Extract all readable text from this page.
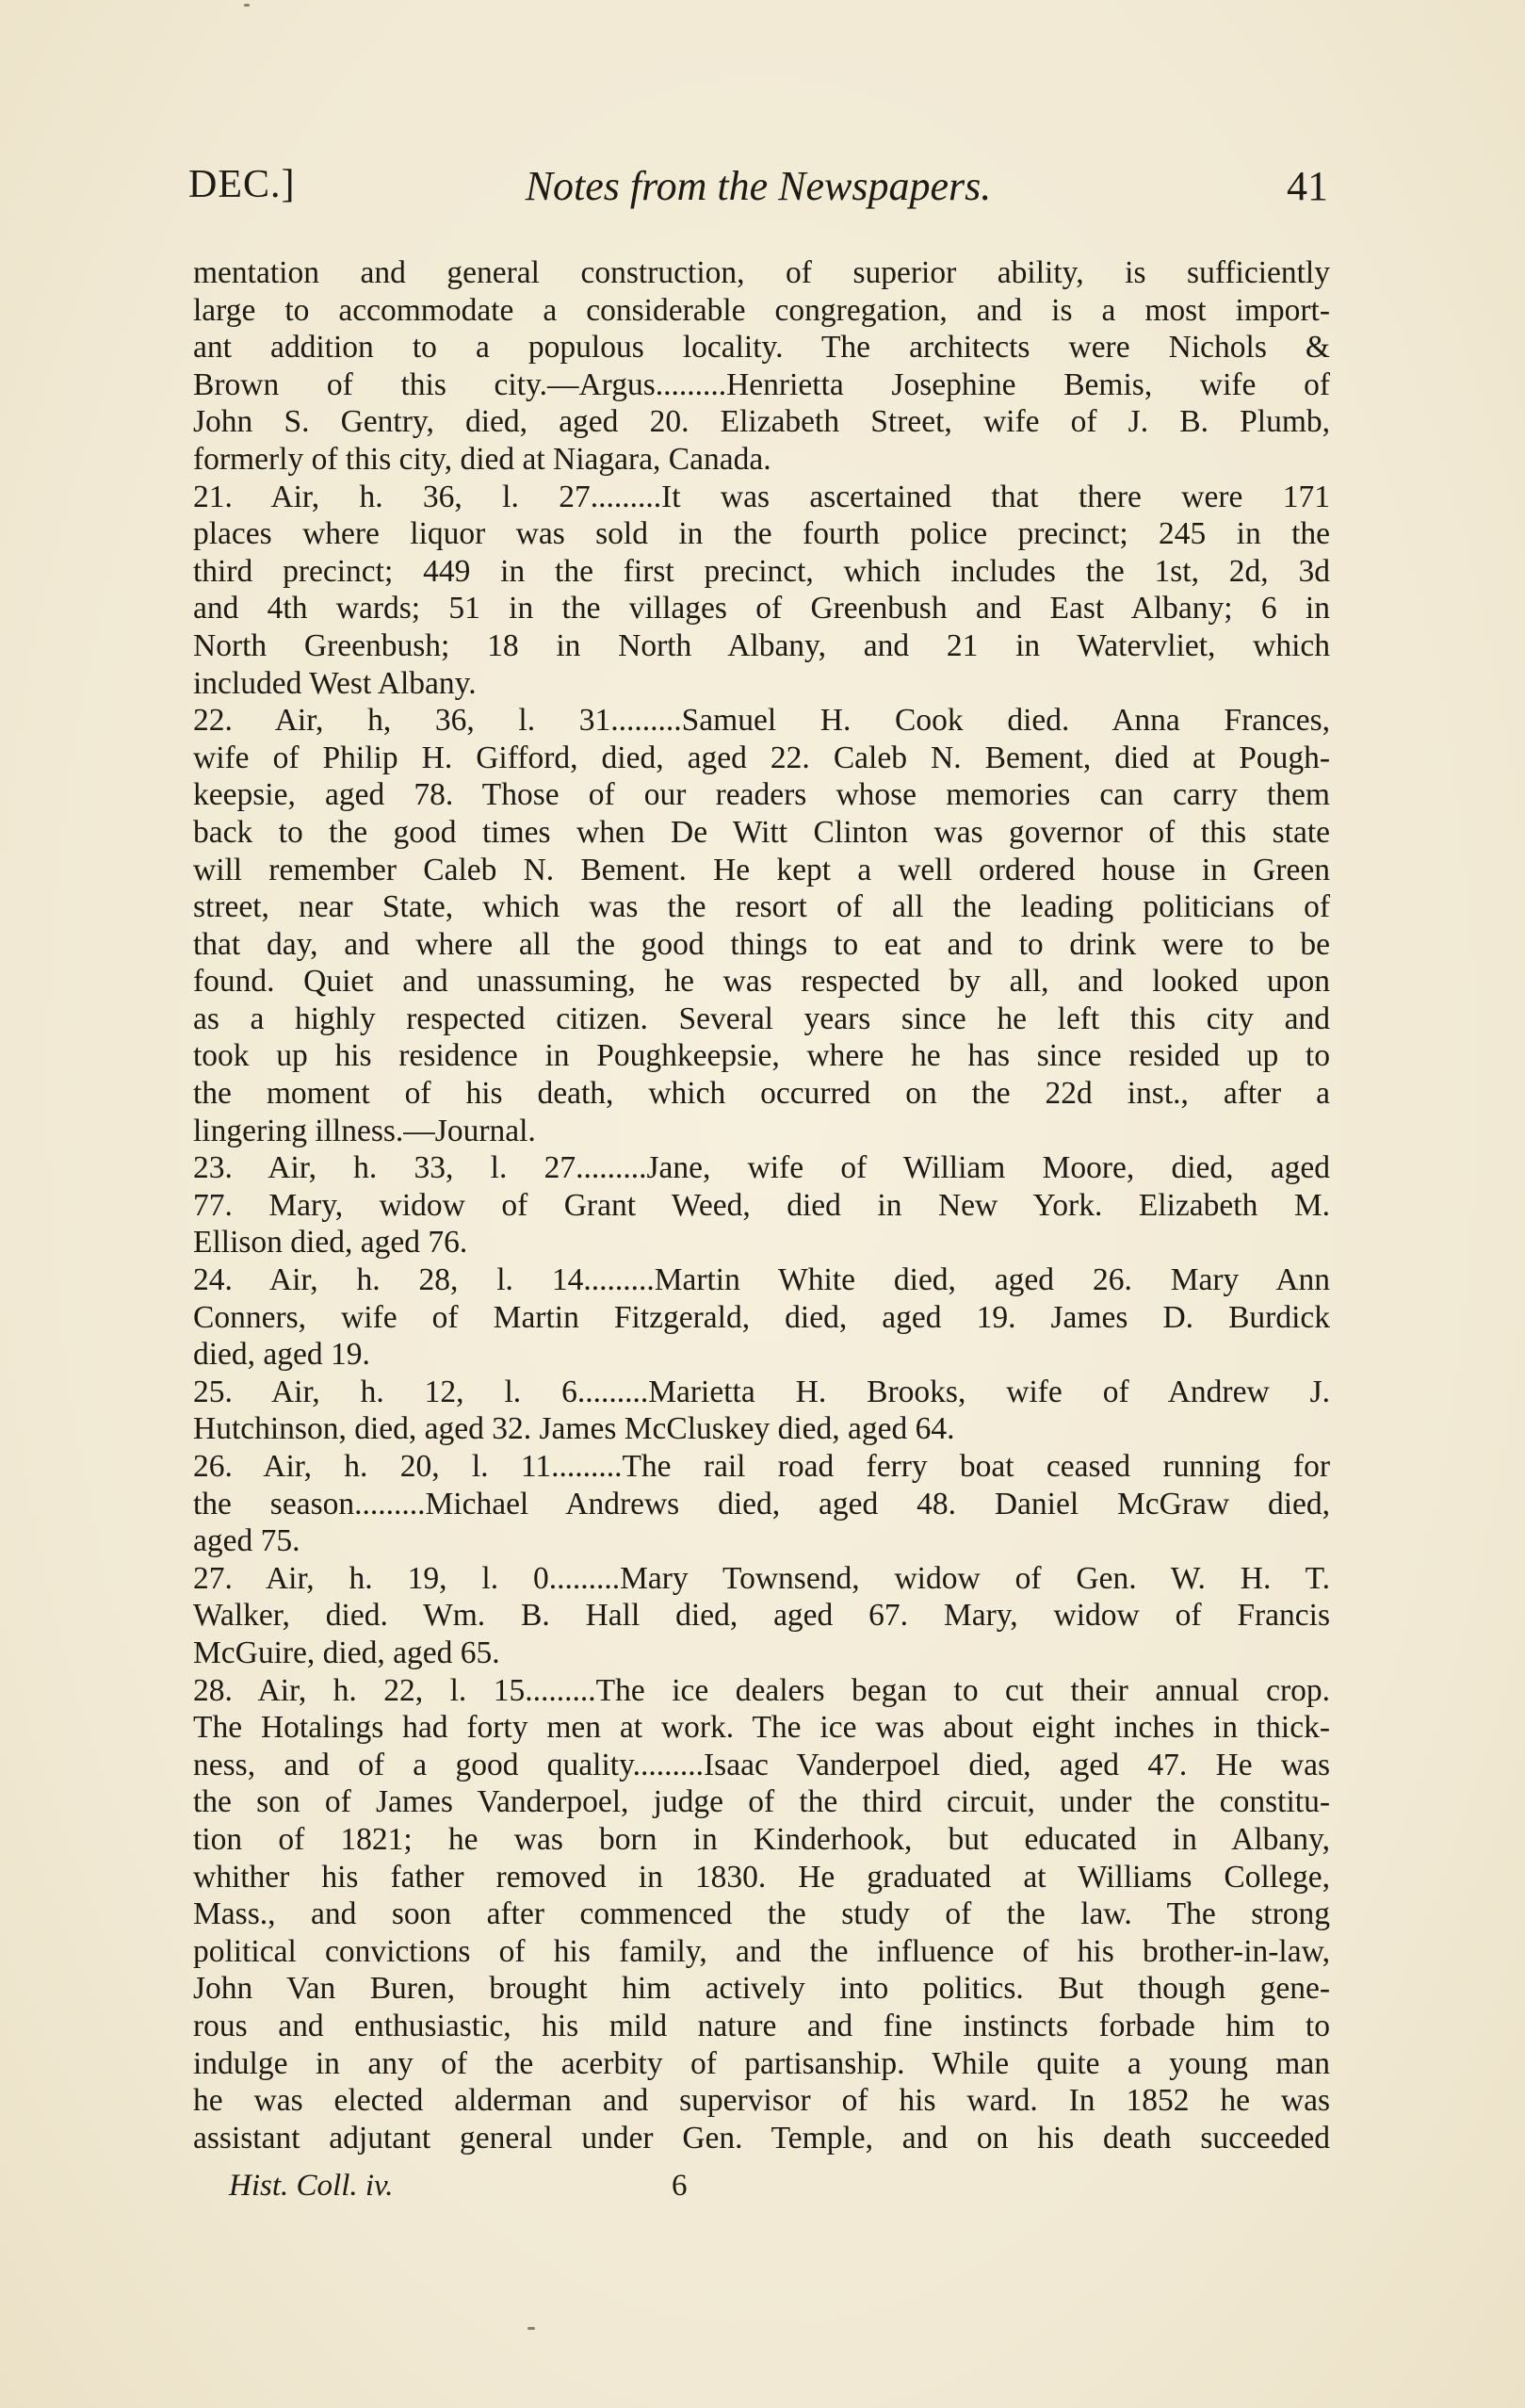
DEC.]	Notes from the Newspapers.	41
mentation and general construction, of superior ability, is sufficiently
large to accommodate a considerable congregation, and is a most import-
ant addition to a populous locality. The architects were Nichols &
Brown of this city.—Argus.........Henrietta Josephine Bemis, wife of
John S. Gentry, died, aged 20. Elizabeth Street, wife of J. B. Plumb,
formerly of this city, died at Niagara, Canada.
21. Air, h. 36, l. 27.........It was ascertained that there were 171
places where liquor was sold in the fourth police precinct; 245 in the
third precinct; 449 in the first precinct, which includes the 1st, 2d, 3d
and 4th wards; 51 in the villages of Greenbush and East Albany; 6 in
North Greenbush; 18 in North Albany, and 21 in Watervliet, which
included West Albany.
22. Air, h, 36, l. 31.........Samuel H. Cook died. Anna Frances,
wife of Philip H. Gifford, died, aged 22. Caleb N. Bement, died at Pough-
keepsie, aged 78. Those of our readers whose memories can carry them
back to the good times when De Witt Clinton was governor of this state
will remember Caleb N. Bement. He kept a well ordered house in Green
street, near State, which was the resort of all the leading politicians of
that day, and where all the good things to eat and to drink were to be
found. Quiet and unassuming, he was respected by all, and looked upon
as a highly respected citizen. Several years since he left this city and
took up his residence in Poughkeepsie, where he has since resided up to
the moment of his death, which occurred on the 22d inst., after a
lingering illness.—Journal.
23. Air, h. 33, l. 27.........Jane, wife of William Moore, died, aged
77. Mary, widow of Grant Weed, died in New York. Elizabeth M.
Ellison died, aged 76.
24. Air, h. 28, l. 14.........Martin White died, aged 26. Mary Ann
Conners, wife of Martin Fitzgerald, died, aged 19. James D. Burdick
died, aged 19.
25. Air, h. 12, l. 6.........Marietta H. Brooks, wife of Andrew J.
Hutchinson, died, aged 32. James McCluskey died, aged 64.
26. Air, h. 20, l. 11.........The rail road ferry boat ceased running for
the season.........Michael Andrews died, aged 48. Daniel McGraw died,
aged 75.
27. Air, h. 19, l. 0.........Mary Townsend, widow of Gen. W. H. T.
Walker, died. Wm. B. Hall died, aged 67. Mary, widow of Francis
McGuire, died, aged 65.
28. Air, h. 22, l. 15.........The ice dealers began to cut their annual crop.
The Hotalings had forty men at work. The ice was about eight inches in thick-
ness, and of a good quality.........Isaac Vanderpoel died, aged 47. He was
the son of James Vanderpoel, judge of the third circuit, under the constitu-
tion of 1821; he was born in Kinderhook, but educated in Albany,
whither his father removed in 1830. He graduated at Williams College,
Mass., and soon after commenced the study of the law. The strong
political convictions of his family, and the influence of his brother-in-law,
John Van Buren, brought him actively into politics. But though gene-
rous and enthusiastic, his mild nature and fine instincts forbade him to
indulge in any of the acerbity of partisanship. While quite a young man
he was elected alderman and supervisor of his ward. In 1852 he was
assistant adjutant general under Gen. Temple, and on his death succeeded
Hist. Coll. iv.	6
